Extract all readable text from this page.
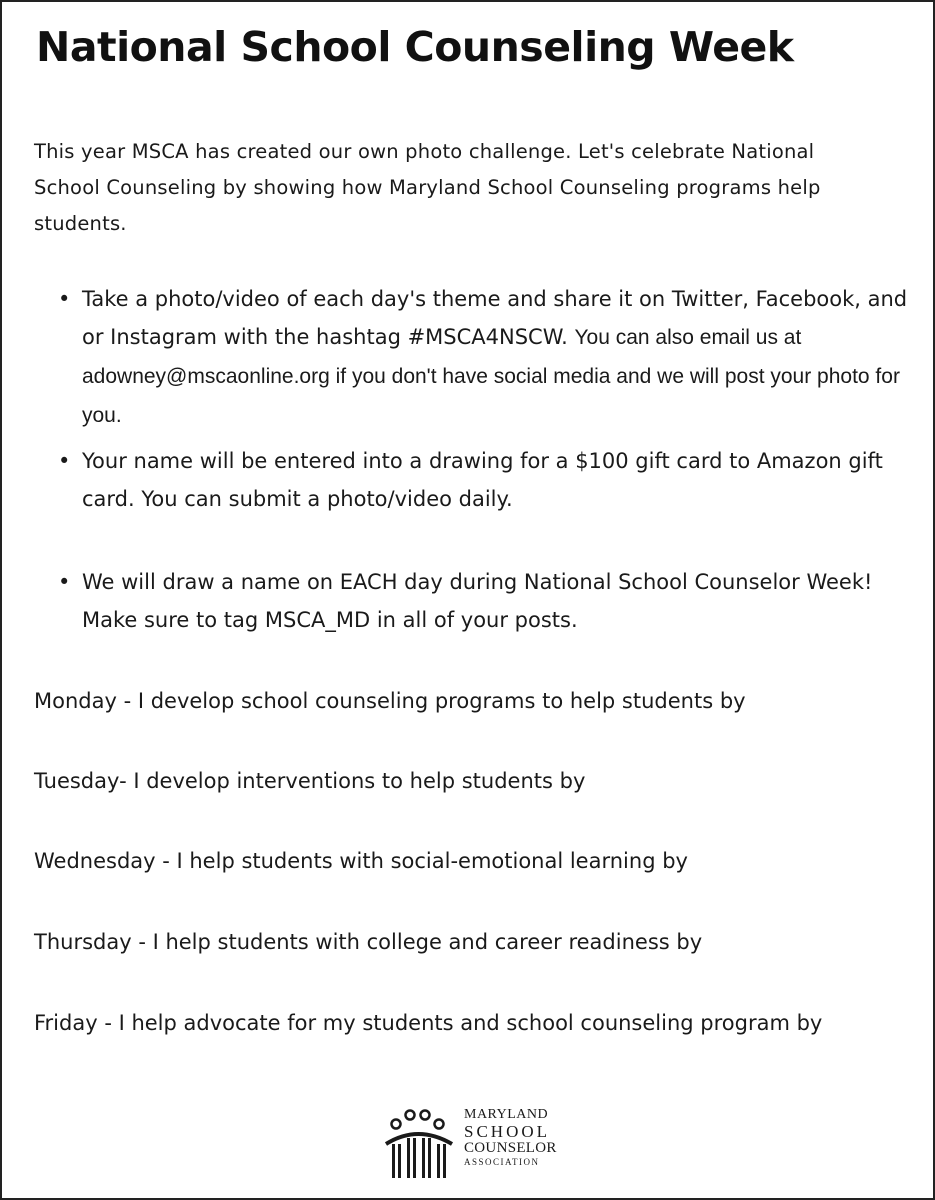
National School Counseling Week

This year MSCA has created our own photo challenge. Let's celebrate National School Counseling by showing how Maryland School Counseling programs help students.

• Take a photo/video of each day's theme and share it on Twitter, Facebook, and or Instagram with the hashtag #MSCA4NSCW. You can also email us at adowney@mscaonline.org if you don't have social media and we will post your photo for you.
• Your name will be entered into a drawing for a $100 gift card to Amazon gift card. You can submit a photo/video daily.
• We will draw a name on EACH day during National School Counselor Week! Make sure to tag MSCA_MD in all of your posts.

Monday - I develop school counseling programs to help students by

Tuesday- I develop interventions to help students by

Wednesday - I help students with social-emotional learning by

Thursday - I help students with college and career readiness by

Friday - I help advocate for my students and school counseling program by

MARYLAND
SCHOOL
COUNSELOR
ASSOCIATION
